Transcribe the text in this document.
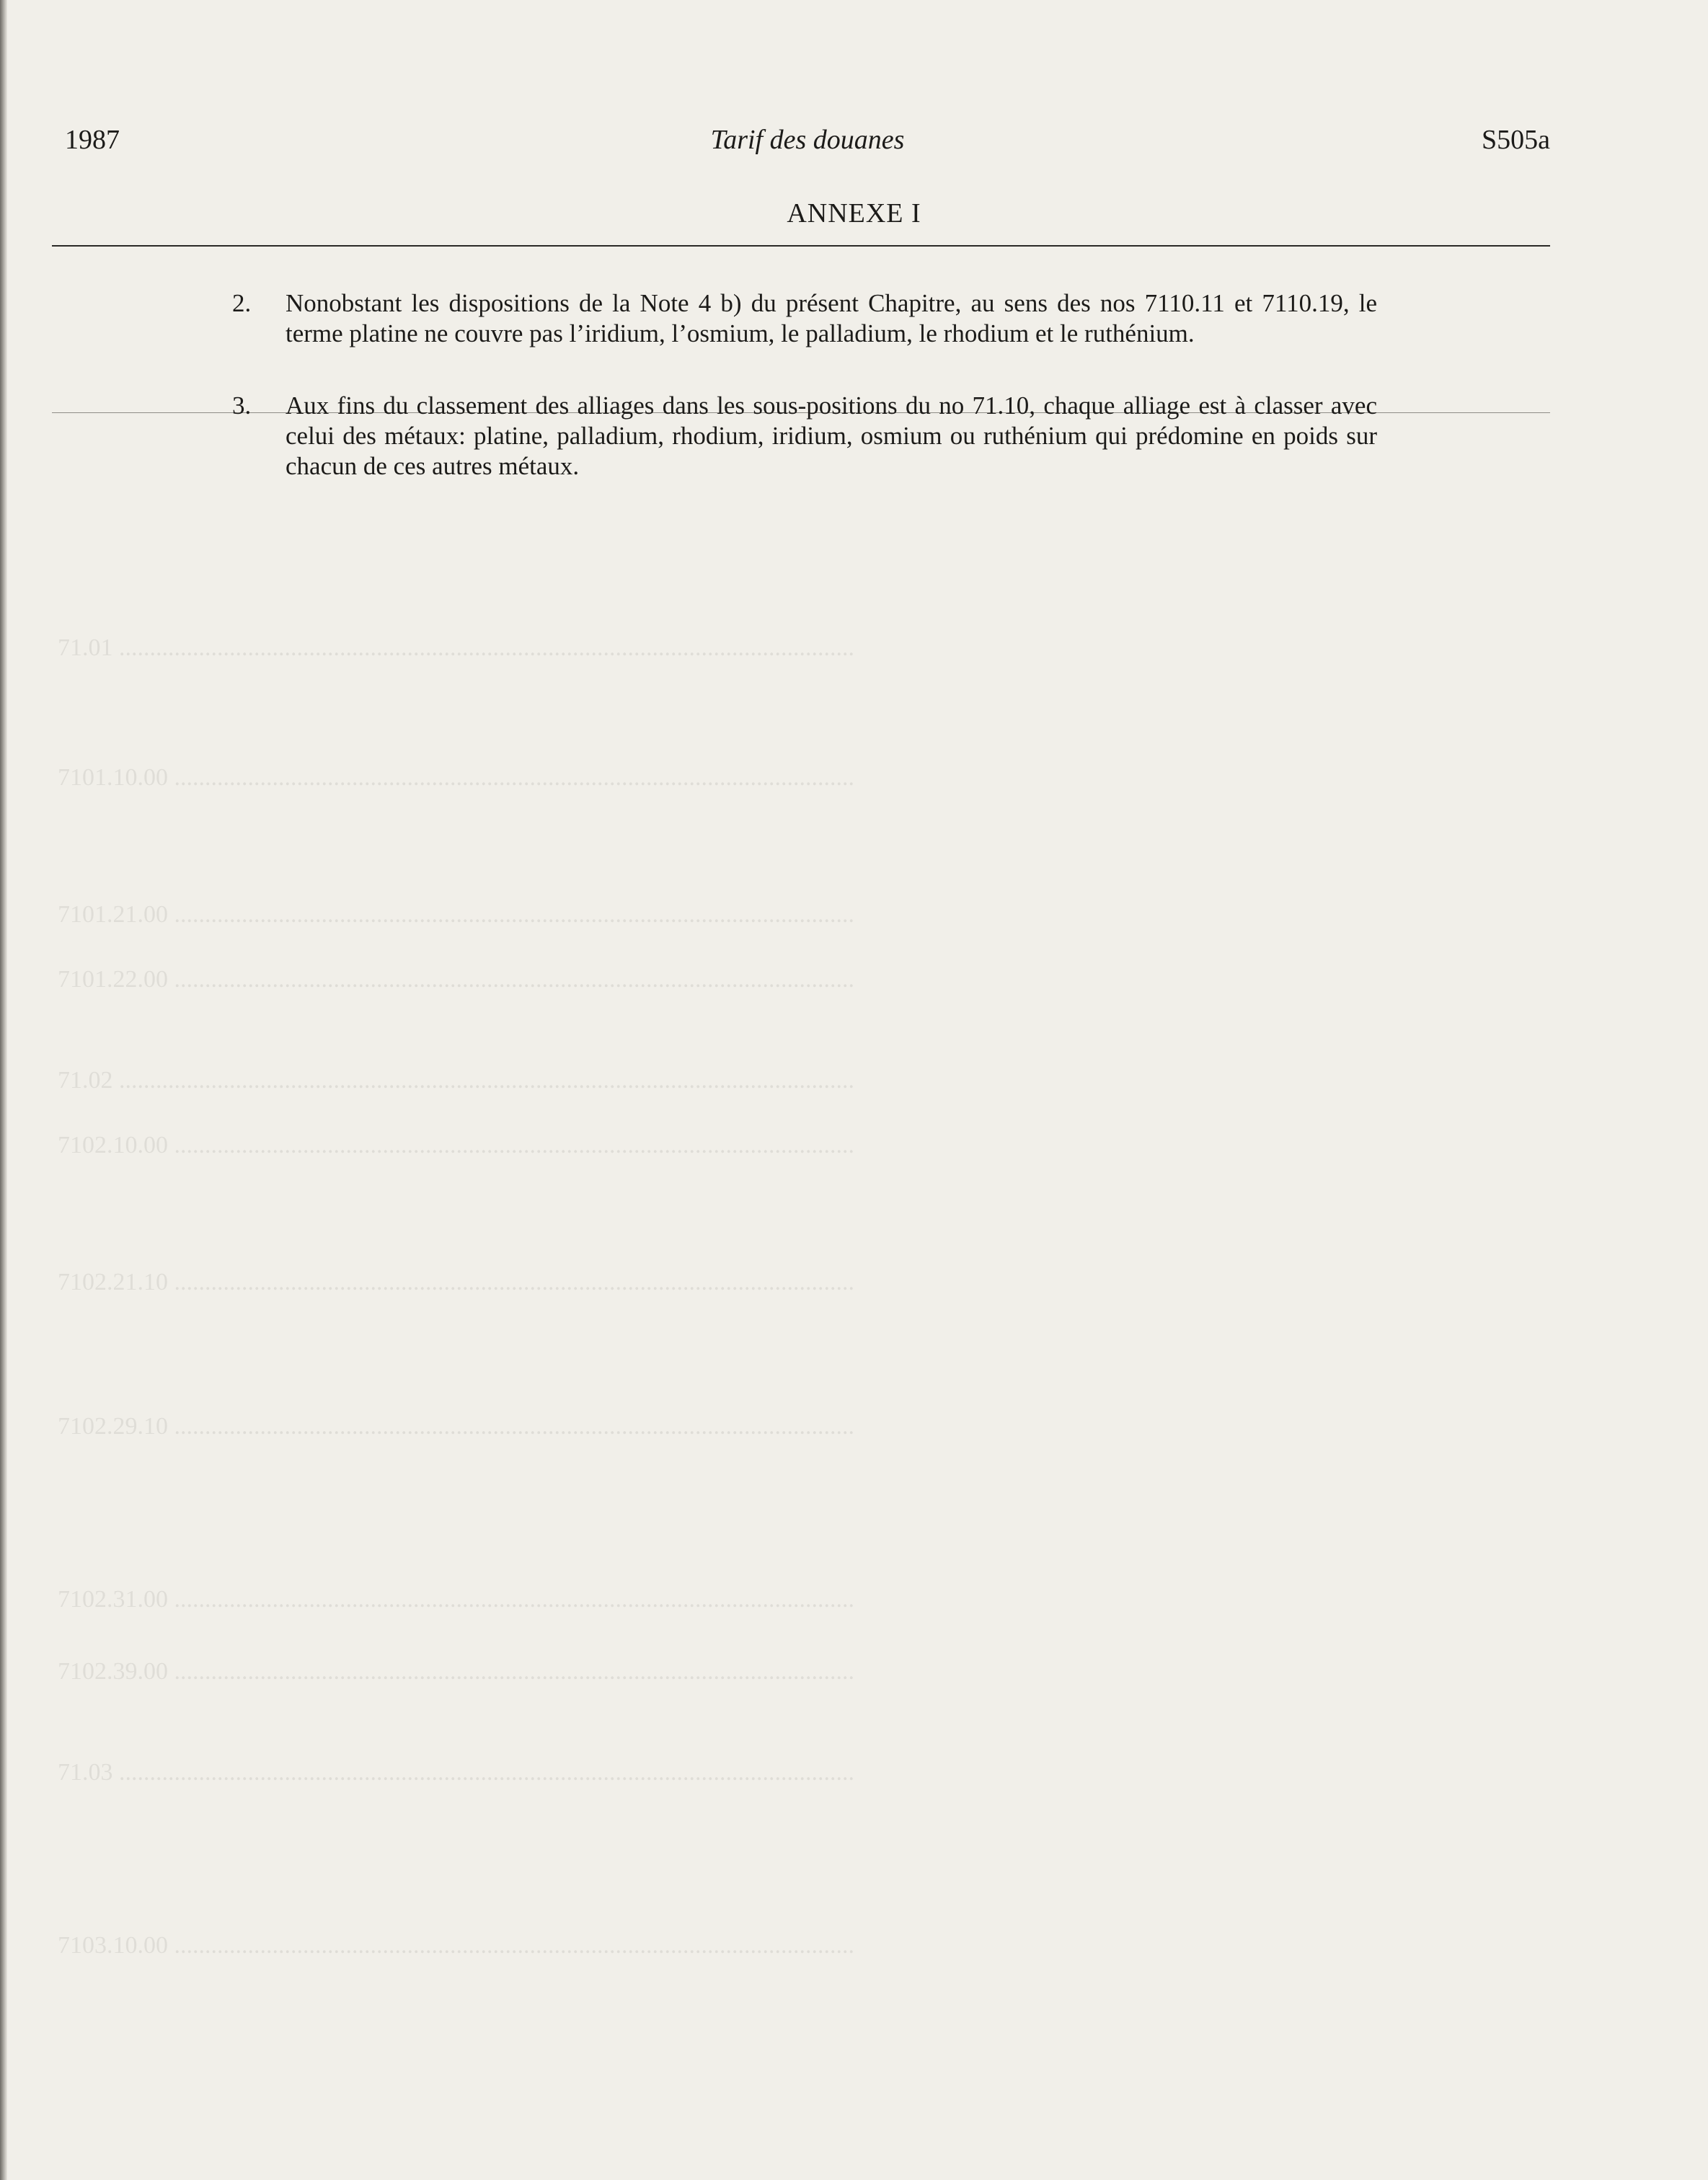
71.01 ........................................................................................................................
7101.10.00 ...............................................................................................................
7101.21.00 ...............................................................................................................
7101.22.00 ...............................................................................................................
71.02 ........................................................................................................................
7102.10.00 ...............................................................................................................
7102.21.10 ...............................................................................................................
7102.29.10 ...............................................................................................................
7102.31.00 ...............................................................................................................
7102.39.00 ...............................................................................................................
71.03 ........................................................................................................................
7103.10.00 ...............................................................................................................
1987	Tarif des douanes	S505a
ANNEXE I
2. Nonobstant les dispositions de la Note 4 b) du présent Chapitre, au sens des nos 7110.11 et 7110.19, le terme platine ne couvre pas l’iridium, l’osmium, le palladium, le rhodium et le ruthénium.
3. Aux fins du classement des alliages dans les sous-positions du no 71.10, chaque alliage est à classer avec celui des métaux: platine, palladium, rhodium, iridium, osmium ou ruthénium qui prédomine en poids sur chacun de ces autres métaux.
